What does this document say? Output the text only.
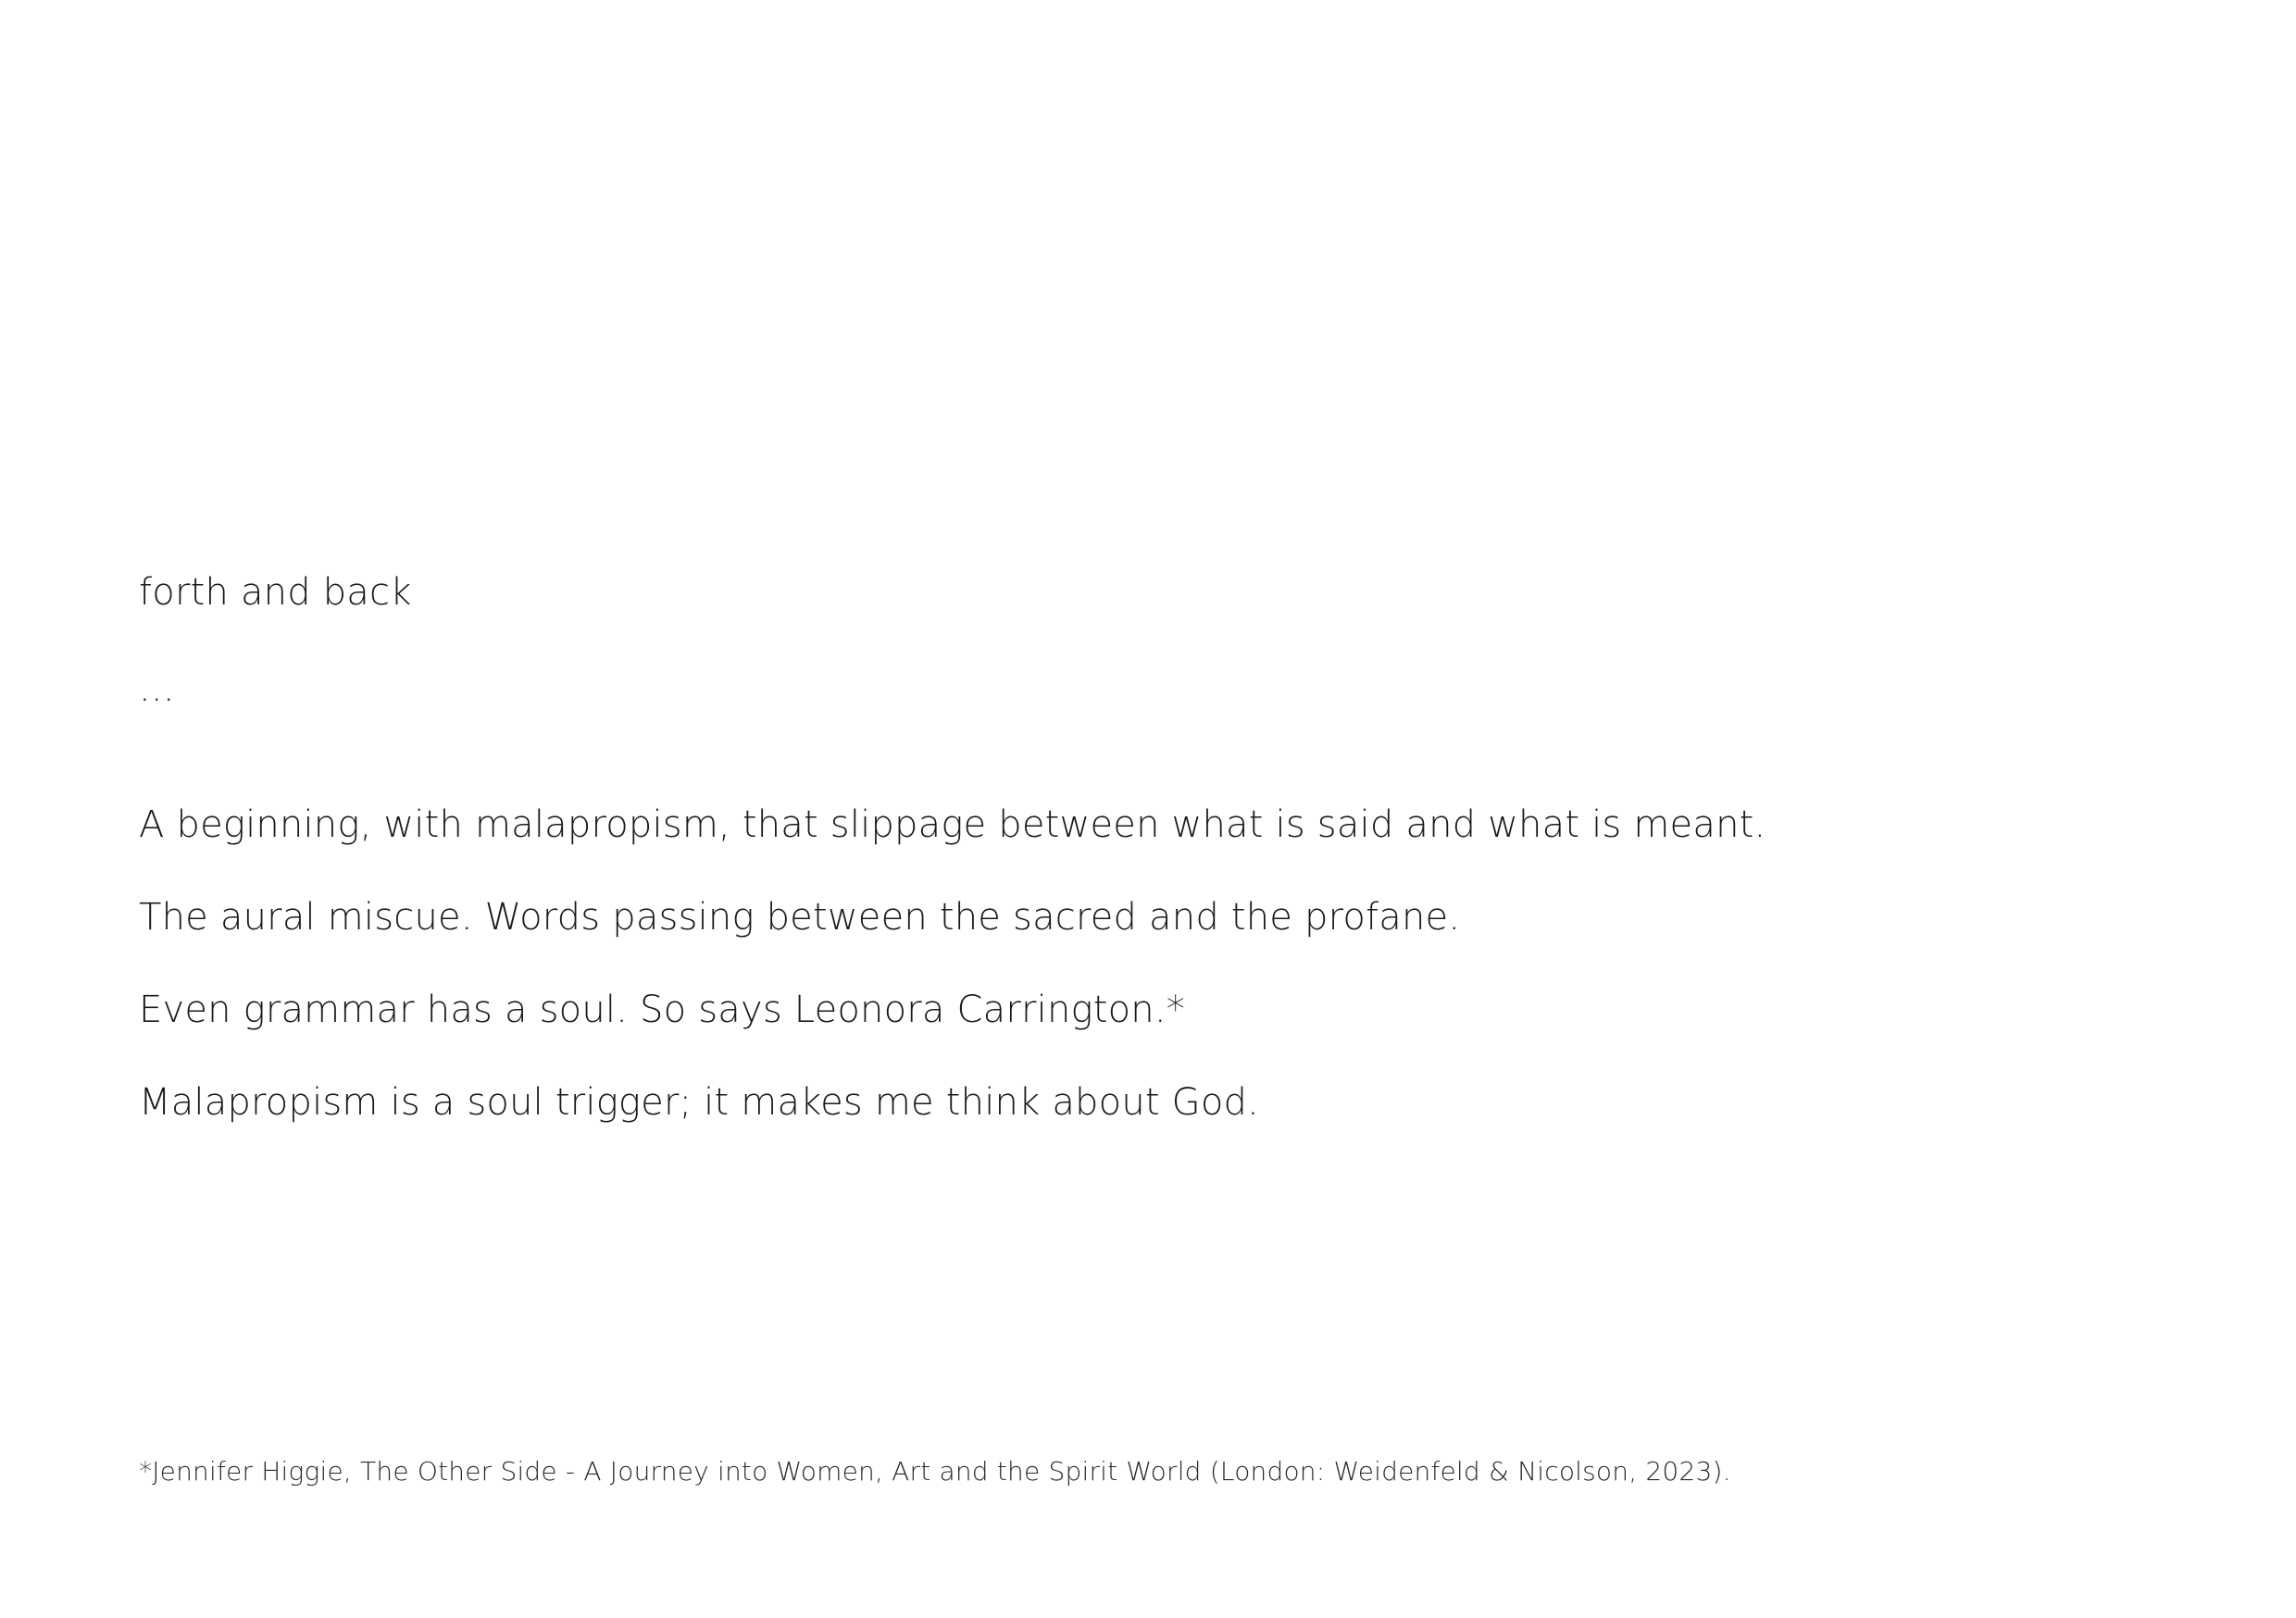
forth and back

...

A beginning, with malapropism, that slippage between what is said and what is meant.

The aural miscue. Words passing between the sacred and the profane.

Even grammar has a soul. So says Leonora Carrington.*

Malapropism is a soul trigger; it makes me think about God.

*Jennifer Higgie, The Other Side - A Journey into Women, Art and the Spirit World (London: Weidenfeld & Nicolson, 2023).
